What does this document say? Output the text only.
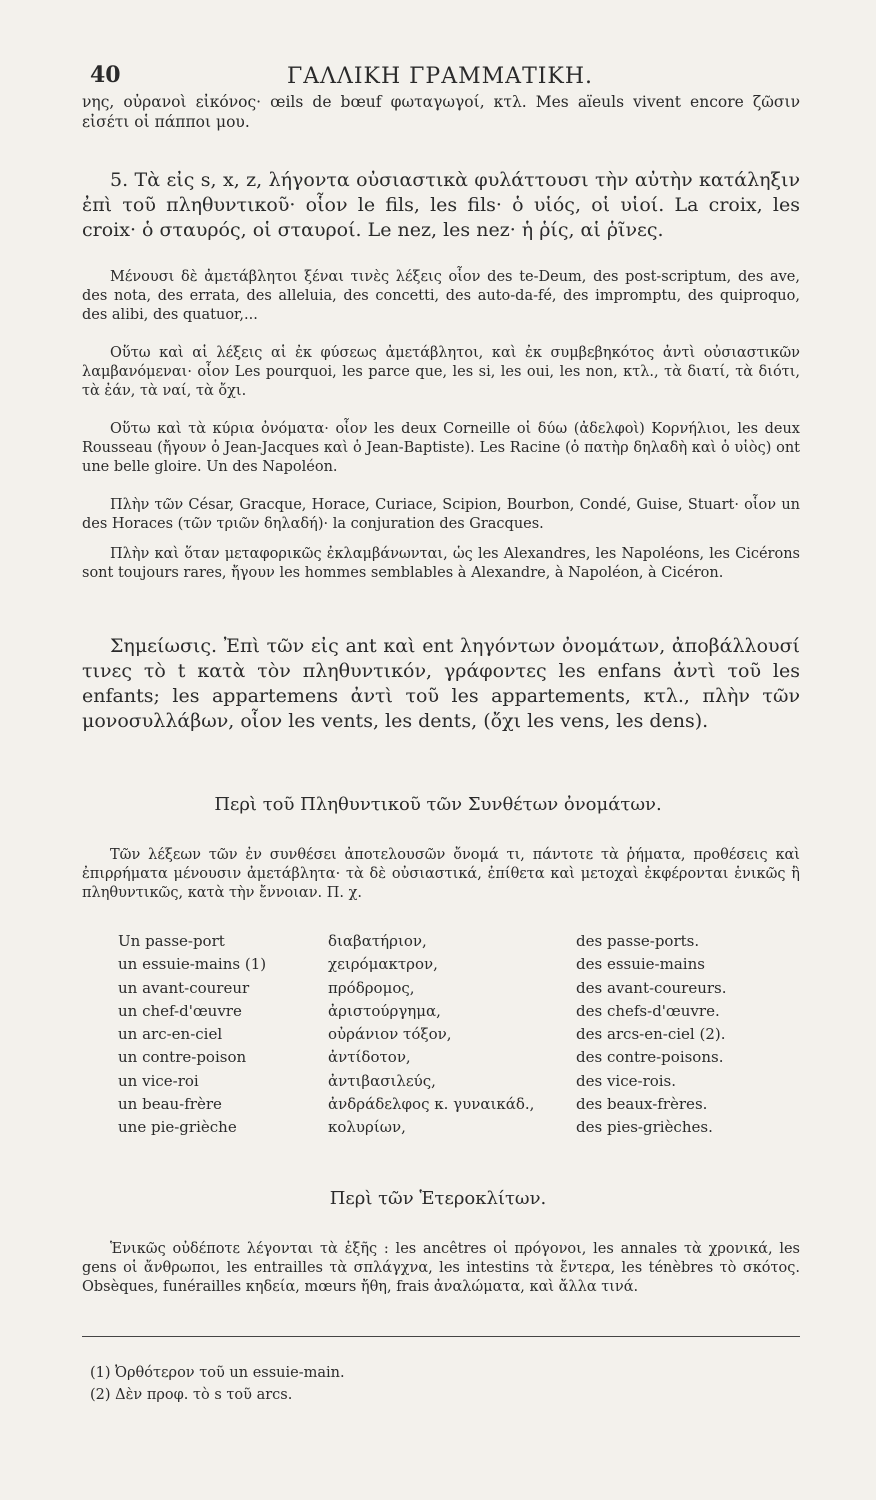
40	ΓΑΛΛΙΚΗ ΓΡΑΜΜΑΤΙΚΗ.

νης, οὐρανοὶ εἰκόνος· œils de bœuf φωταγωγοί, κτλ. Mes aïeuls vivent encore ζῶσιν εἰσέτι οἱ πάπποι μου.

5. Τὰ εἰς s, x, z, λήγοντα οὐσιαστικὰ φυλάττουσι τὴν αὐτὴν κατάληξιν ἐπὶ τοῦ πληθυντικοῦ· οἷον le fils, les fils· ὁ υἱός, οἱ υἱοί. La croix, les croix· ὁ σταυρός, οἱ σταυροί. Le nez, les nez· ἡ ῥίς, αἱ ῥῖνες.

Μένουσι δὲ ἀμετάβλητοι ξέναι τινὲς λέξεις οἷον des te-Deum, des post-scriptum, des ave, des nota, des errata, des alleluia, des concetti, des auto-da-fé, des impromptu, des quiproquo, des alibi, des quatuor,...

Οὕτω καὶ αἱ λέξεις αἱ ἐκ φύσεως ἀμετάβλητοι, καὶ ἐκ συμβεβηκότος ἀντὶ οὐσιαστικῶν λαμβανόμεναι· οἷον Les pourquoi, les parce que, les si, les oui, les non, κτλ., τὰ διατί, τὰ διότι, τὰ ἐάν, τὰ ναί, τὰ ὄχι.

Οὕτω καὶ τὰ κύρια ὀνόματα· οἷον les deux Corneille οἱ δύω (ἀδελφοὶ) Κορνήλιοι, les deux Rousseau (ἤγουν ὁ Jean-Jacques καὶ ὁ Jean-Baptiste). Les Racine (ὁ πατὴρ δηλαδὴ καὶ ὁ υἱὸς) ont une belle gloire. Un des Napoléon.

Πλὴν τῶν César, Gracque, Horace, Curiace, Scipion, Bourbon, Condé, Guise, Stuart· οἷον un des Horaces (τῶν τριῶν δηλαδή)· la conjuration des Gracques.

Πλὴν καὶ ὅταν μεταφορικῶς ἐκλαμβάνωνται, ὡς les Alexandres, les Napoléons, les Cicérons sont toujours rares, ἤγουν les hommes semblables à Alexandre, à Napoléon, à Cicéron.

Σημείωσις. Ἐπὶ τῶν εἰς ant καὶ ent ληγόντων ὀνομάτων, ἀποβάλλουσί τινες τὸ t κατὰ τὸν πληθυντικόν, γράφοντες les enfans ἀντὶ τοῦ les enfants; les appartemens ἀντὶ τοῦ les appartements, κτλ., πλὴν τῶν μονοσυλλάβων, οἷον les vents, les dents, (ὄχι les vens, les dens).

Περὶ τοῦ Πληθυντικοῦ τῶν Συνθέτων ὀνομάτων.

Τῶν λέξεων τῶν ἐν συνθέσει ἀποτελουσῶν ὄνομά τι, πάντοτε τὰ ῥήματα, προθέσεις καὶ ἐπιρρήματα μένουσιν ἀμετάβλητα· τὰ δὲ οὐσιαστικά, ἐπίθετα καὶ μετοχαὶ ἐκφέρονται ἑνικῶς ἢ πληθυντικῶς, κατὰ τὴν ἔννοιαν. Π. χ.

Un passe-port
un essuie-mains (1)
un avant-coureur
un chef-d'œuvre
un arc-en-ciel
un contre-poison
un vice-roi
un beau-frère
une pie-grièche
διαβατήριον,
χειρόμακτρον,
πρόδρομος,
ἀριστούργημα,
οὐράνιον τόξον,
ἀντίδοτον,
ἀντιβασιλεύς,
ἀνδράδελφος κ. γυναικάδ.,
κολυρίων,
des passe-ports.
des essuie-mains
des avant-coureurs.
des chefs-d'œuvre.
des arcs-en-ciel (2).
des contre-poisons.
des vice-rois.
des beaux-frères.
des pies-grièches.
Περὶ τῶν Ἑτεροκλίτων.

Ἑνικῶς οὐδέποτε λέγονται τὰ ἑξῆς : les ancêtres οἱ πρόγονοι, les annales τὰ χρονικά, les gens οἱ ἄνθρωποι, les entrailles τὰ σπλάγχνα, les intestins τὰ ἔντερα, les ténèbres τὸ σκότος. Obsèques, funérailles κηδεία, mœurs ἤθη, frais ἀναλώματα, καὶ ἄλλα τινά.

(1) Ὀρθότερον τοῦ un essuie-main.
(2) Δὲν προφ. τὸ s τοῦ arcs.
